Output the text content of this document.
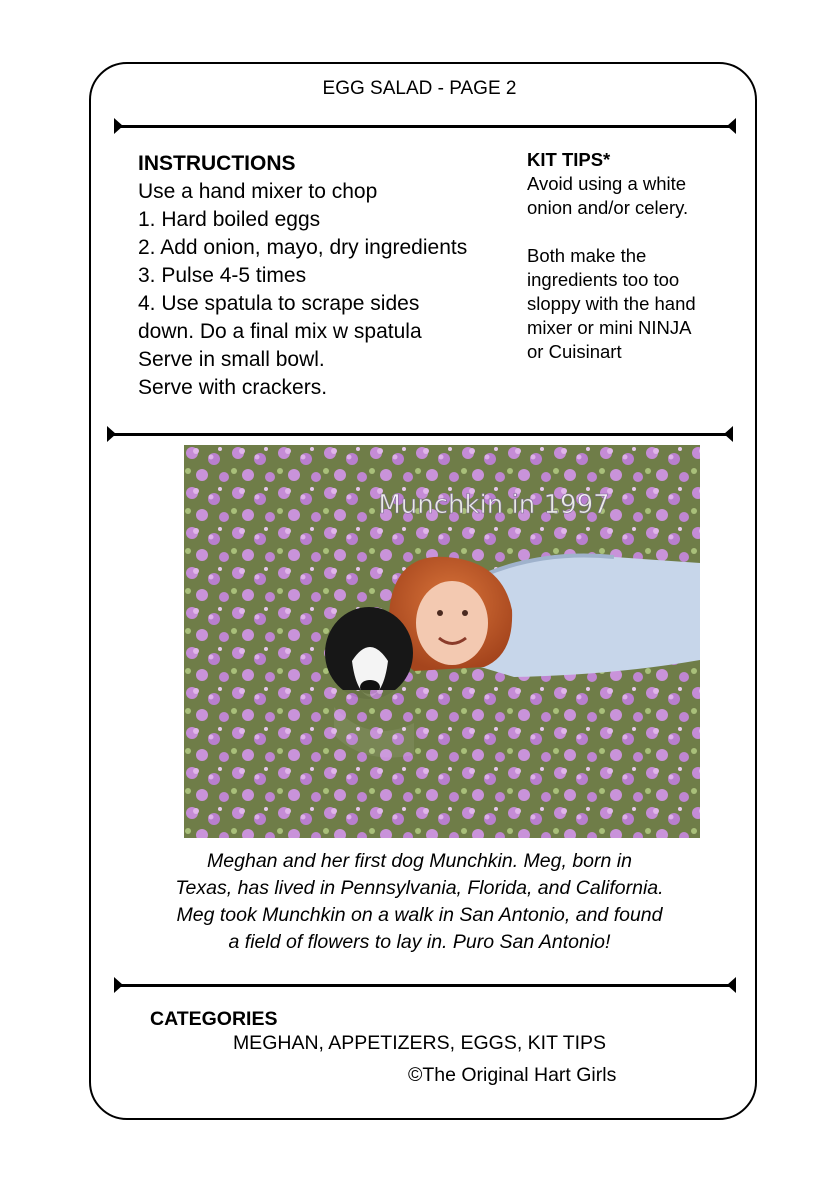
EGG SALAD - PAGE 2
INSTRUCTIONS
Use a hand mixer to chop
1. Hard boiled eggs
2. Add onion, mayo, dry ingredients
3. Pulse 4-5 times
4. Use spatula to scrape sides
down. Do a final mix w spatula
Serve in small bowl.
Serve with crackers.
KIT TIPS*

Avoid using a white

onion and/or celery.

Both make the

ingredients too too

sloppy with the hand

mixer or mini NINJA

or Cuisinart

Munchkin in 1997
Meghan and her first dog Munchkin. Meg, born in
Texas, has lived in Pennsylvania, Florida, and California.
Meg took Munchkin on a walk in San Antonio, and found
a field of flowers to lay in. Puro San Antonio!
CATEGORIES
MEGHAN, APPETIZERS, EGGS, KIT TIPS
©The Original Hart Girls
